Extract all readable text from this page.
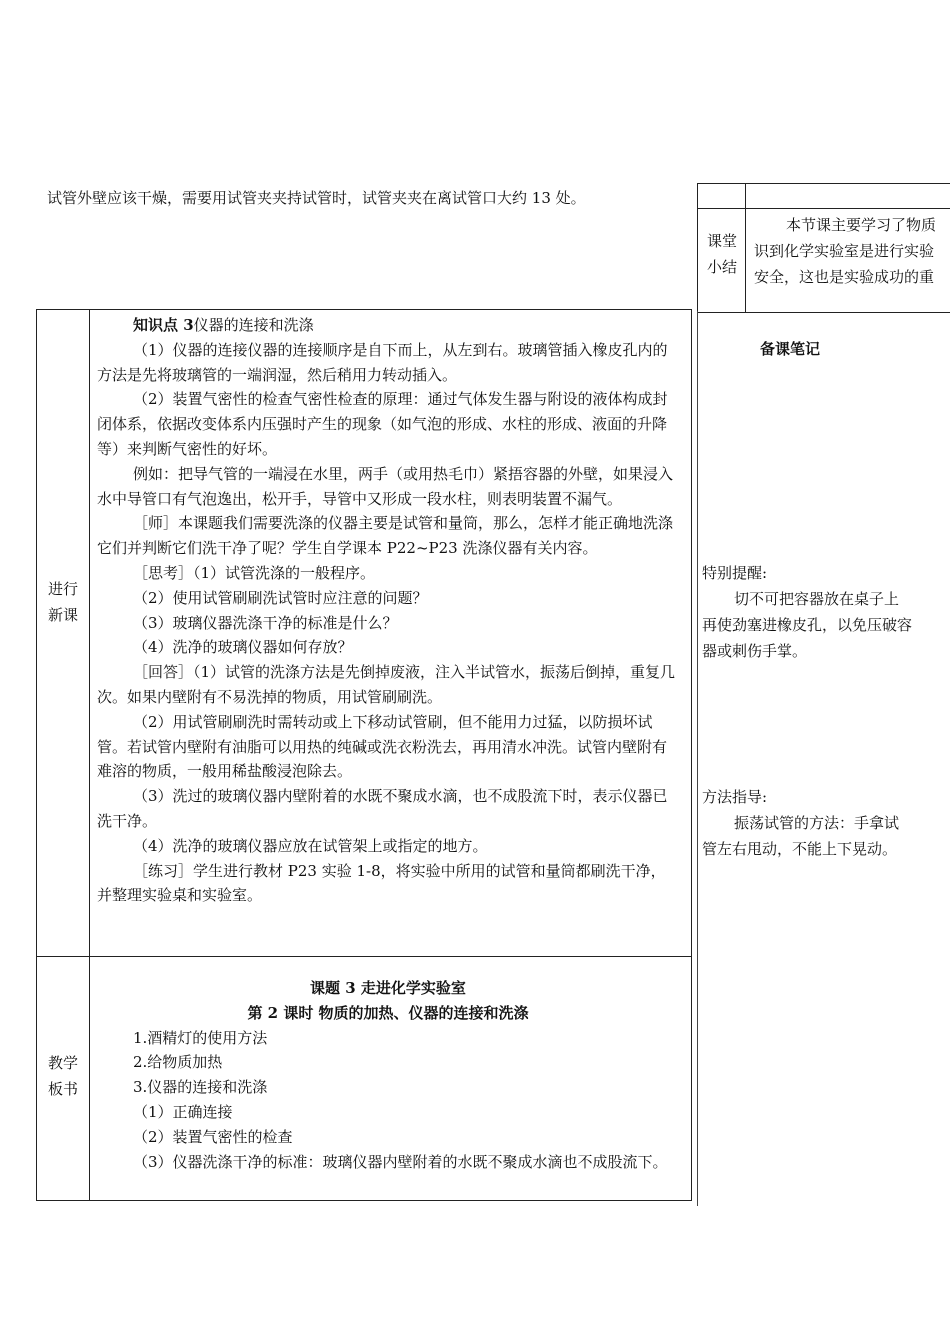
试管外壁应该干燥，需要用试管夹夹持试管时，试管夹夹在离试管口大约 13 处。
课堂
小结

本节课主要学习了物质

识到化学实验室是进行实验

安全，这也是实验成功的重

备课笔记

特别提醒:

切不可把容器放在桌子上再使劲塞进橡皮孔，以免压破容器或刺伤手掌。

方法指导:

振荡试管的方法：手拿试管左右甩动，不能上下晃动。

进行
新课

知识点 3仪器的连接和洗涤

（1）仪器的连接仪器的连接顺序是自下而上，从左到右。玻璃管插入橡皮孔内的方法是先将玻璃管的一端润湿，然后稍用力转动插入。

（2）装置气密性的检查气密性检查的原理：通过气体发生器与附设的液体构成封闭体系，依据改变体系内压强时产生的现象（如气泡的形成、水柱的形成、液面的升降等）来判断气密性的好坏。

例如：把导气管的一端浸在水里，两手（或用热毛巾）紧捂容器的外壁，如果浸入水中导管口有气泡逸出，松开手，导管中又形成一段水柱，则表明装置不漏气。

［师］本课题我们需要洗涤的仪器主要是试管和量筒，那么，怎样才能正确地洗涤它们并判断它们洗干净了呢？学生自学课本 P22~P23 洗涤仪器有关内容。

［思考］（1）试管洗涤的一般程序。

（2）使用试管刷刷洗试管时应注意的问题？

（3）玻璃仪器洗涤干净的标准是什么？

（4）洗净的玻璃仪器如何存放？

［回答］（1）试管的洗涤方法是先倒掉废液，注入半试管水，振荡后倒掉，重复几次。如果内壁附有不易洗掉的物质，用试管刷刷洗。

（2）用试管刷刷洗时需转动或上下移动试管刷，但不能用力过猛，以防损坏试管。若试管内壁附有油脂可以用热的纯碱或洗衣粉洗去，再用清水冲洗。试管内壁附有难溶的物质，一般用稀盐酸浸泡除去。

（3）洗过的玻璃仪器内壁附着的水既不聚成水滴，也不成股流下时，表示仪器已洗干净。

（4）洗净的玻璃仪器应放在试管架上或指定的地方。

［练习］学生进行教材 P23 实验 1-8，将实验中所用的试管和量筒都刷洗干净，并整理实验桌和实验室。

教学
板书

课题 3 走进化学实验室

第 2 课时 物质的加热、仪器的连接和洗涤

1.酒精灯的使用方法

2.给物质加热

3.仪器的连接和洗涤

（1）正确连接

（2）装置气密性的检查

（3）仪器洗涤干净的标准：玻璃仪器内壁附着的水既不聚成水滴也不成股流下。
